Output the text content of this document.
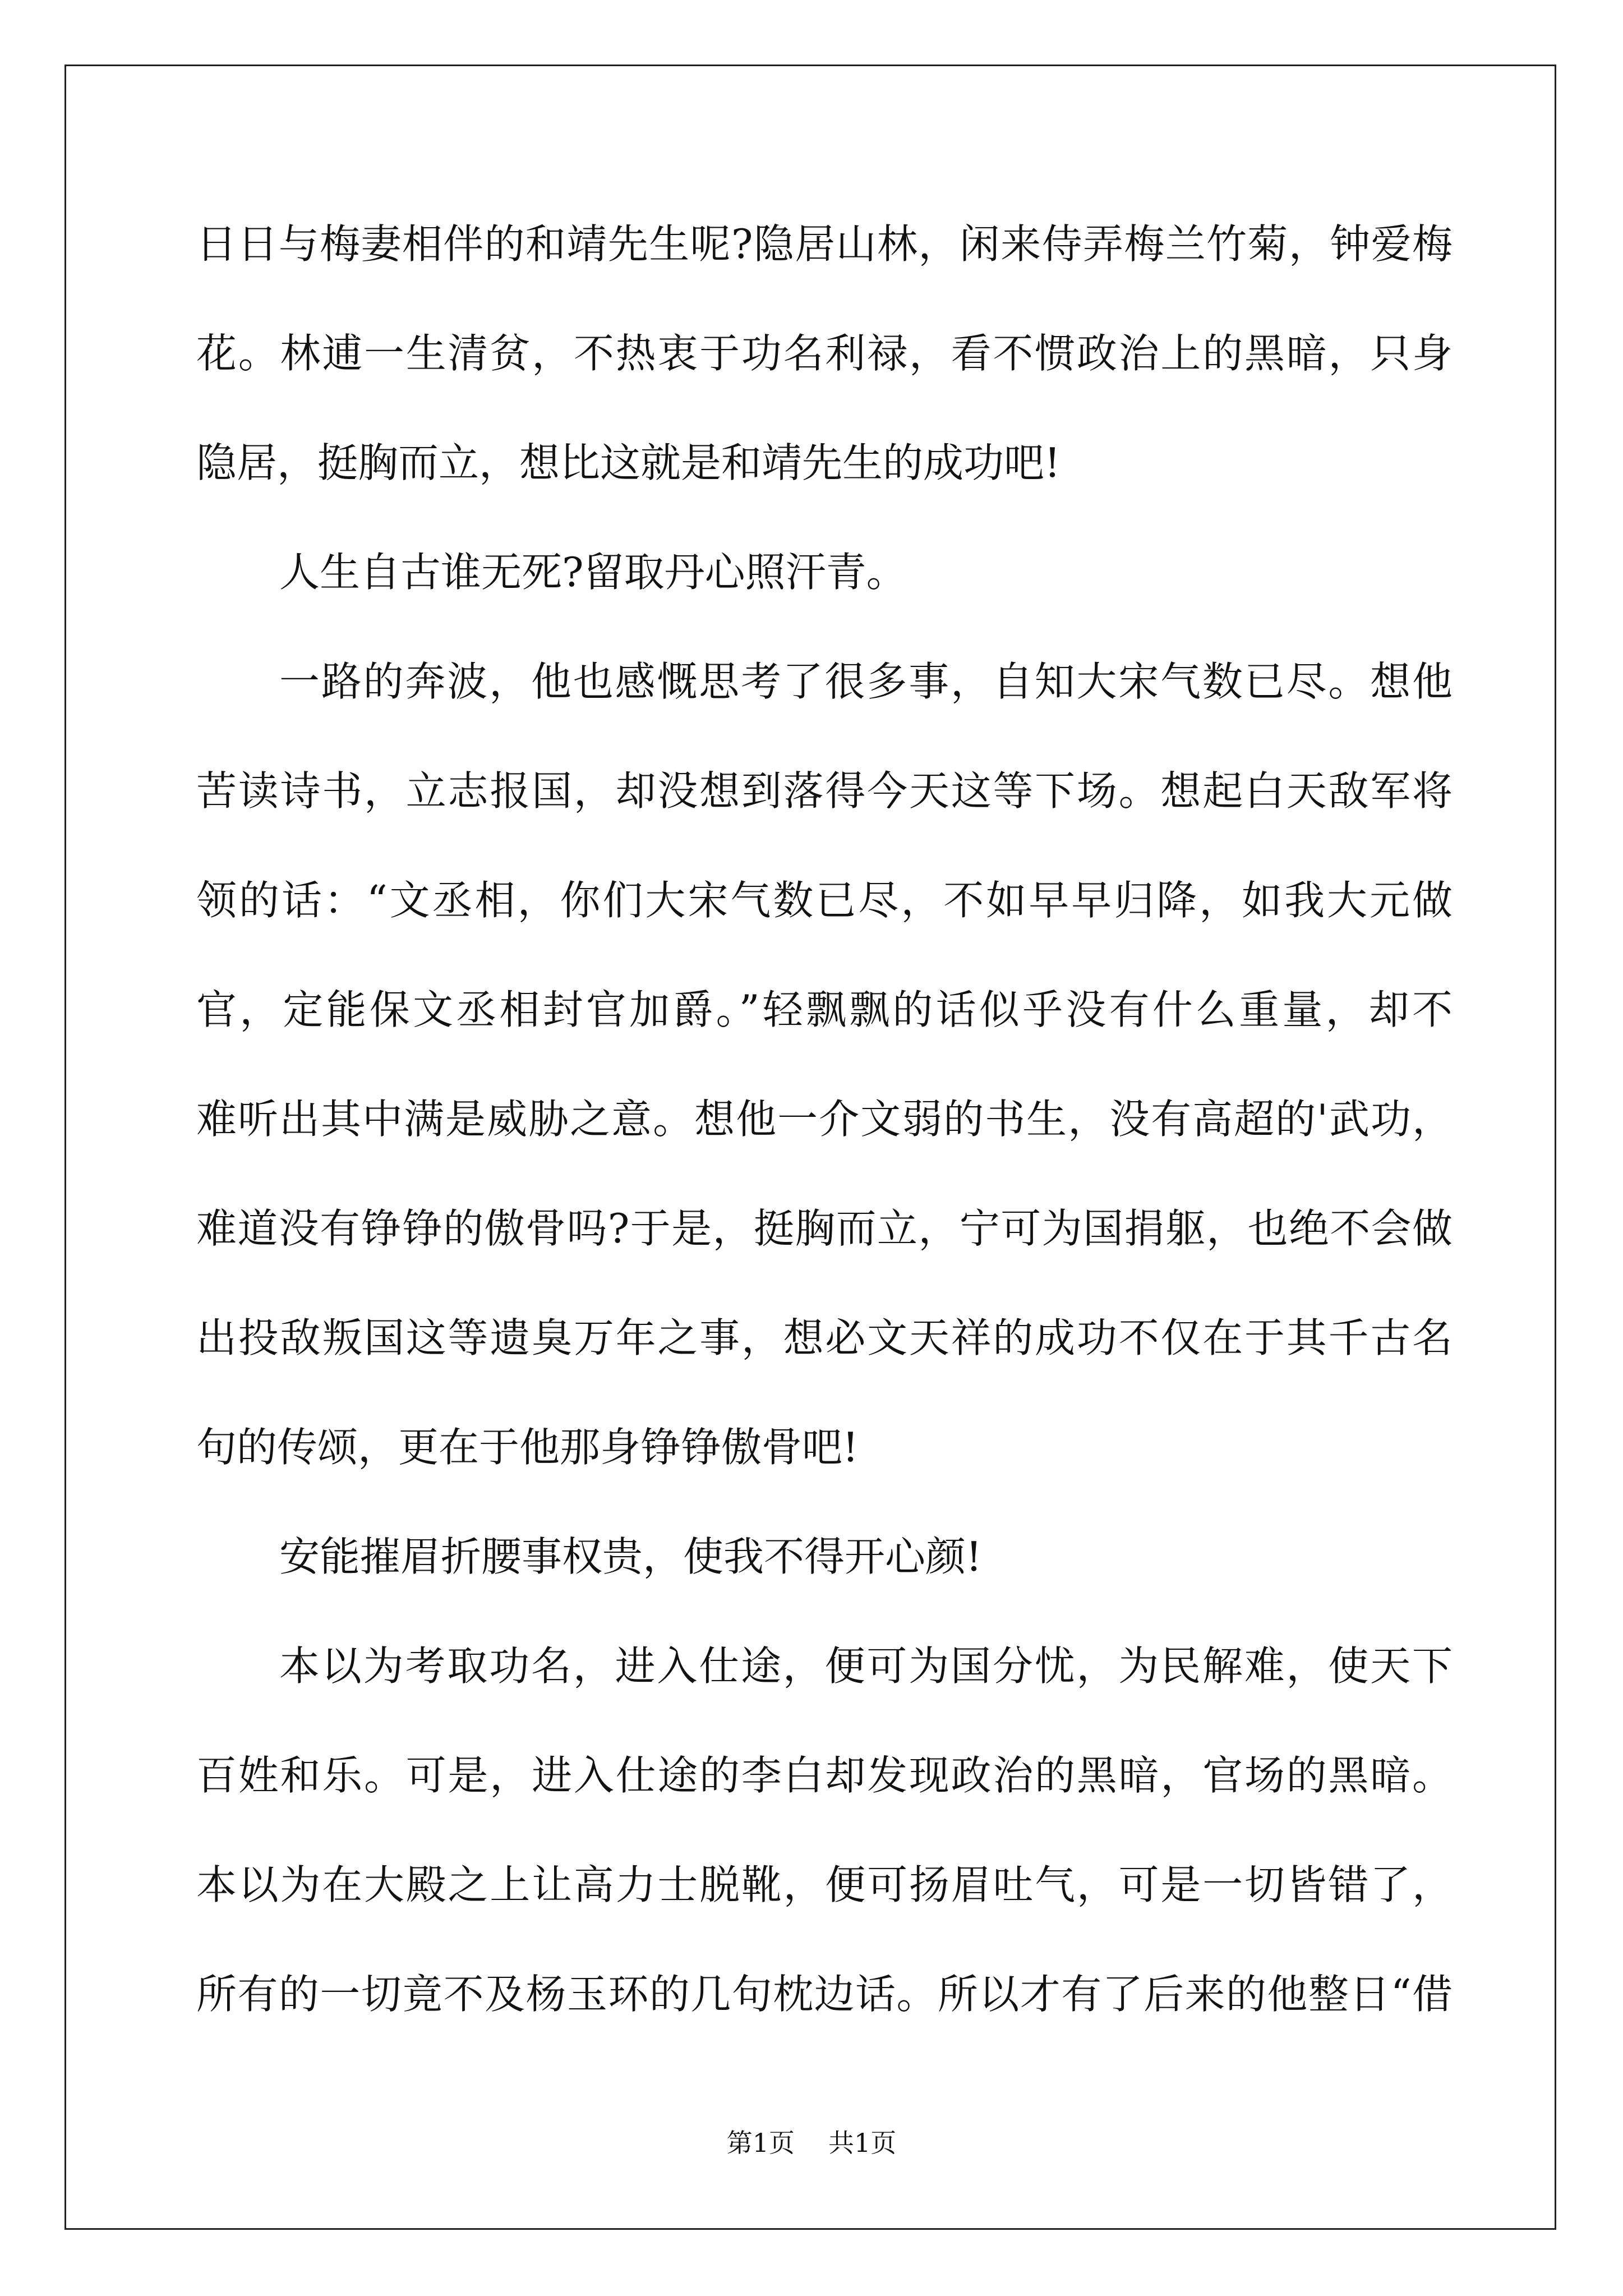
日日与梅妻相伴的和靖先生呢?隐居山林，闲来侍弄梅兰竹菊，钟爱梅
花。林逋一生清贫，不热衷于功名利禄，看不惯政治上的黑暗，只身
隐居，挺胸而立，想比这就是和靖先生的成功吧!
人生自古谁无死?留取丹心照汗青。
一路的奔波，他也感慨思考了很多事，自知大宋气数已尽。想他
苦读诗书，立志报国，却没想到落得今天这等下场。想起白天敌军将
领的话：“文丞相，你们大宋气数已尽，不如早早归降，如我大元做
官，定能保文丞相封官加爵。”轻飘飘的话似乎没有什么重量，却不
难听出其中满是威胁之意。想他一介文弱的书生，没有高超的'武功，
难道没有铮铮的傲骨吗?于是，挺胸而立，宁可为国捐躯，也绝不会做
出投敌叛国这等遗臭万年之事，想必文天祥的成功不仅在于其千古名
句的传颂，更在于他那身铮铮傲骨吧!
安能摧眉折腰事权贵，使我不得开心颜!
本以为考取功名，进入仕途，便可为国分忧，为民解难，使天下
百姓和乐。可是，进入仕途的李白却发现政治的黑暗，官场的黑暗。
本以为在大殿之上让高力士脱靴，便可扬眉吐气，可是一切皆错了，
所有的一切竟不及杨玉环的几句枕边话。所以才有了后来的他整日“借
第1页 共1页
